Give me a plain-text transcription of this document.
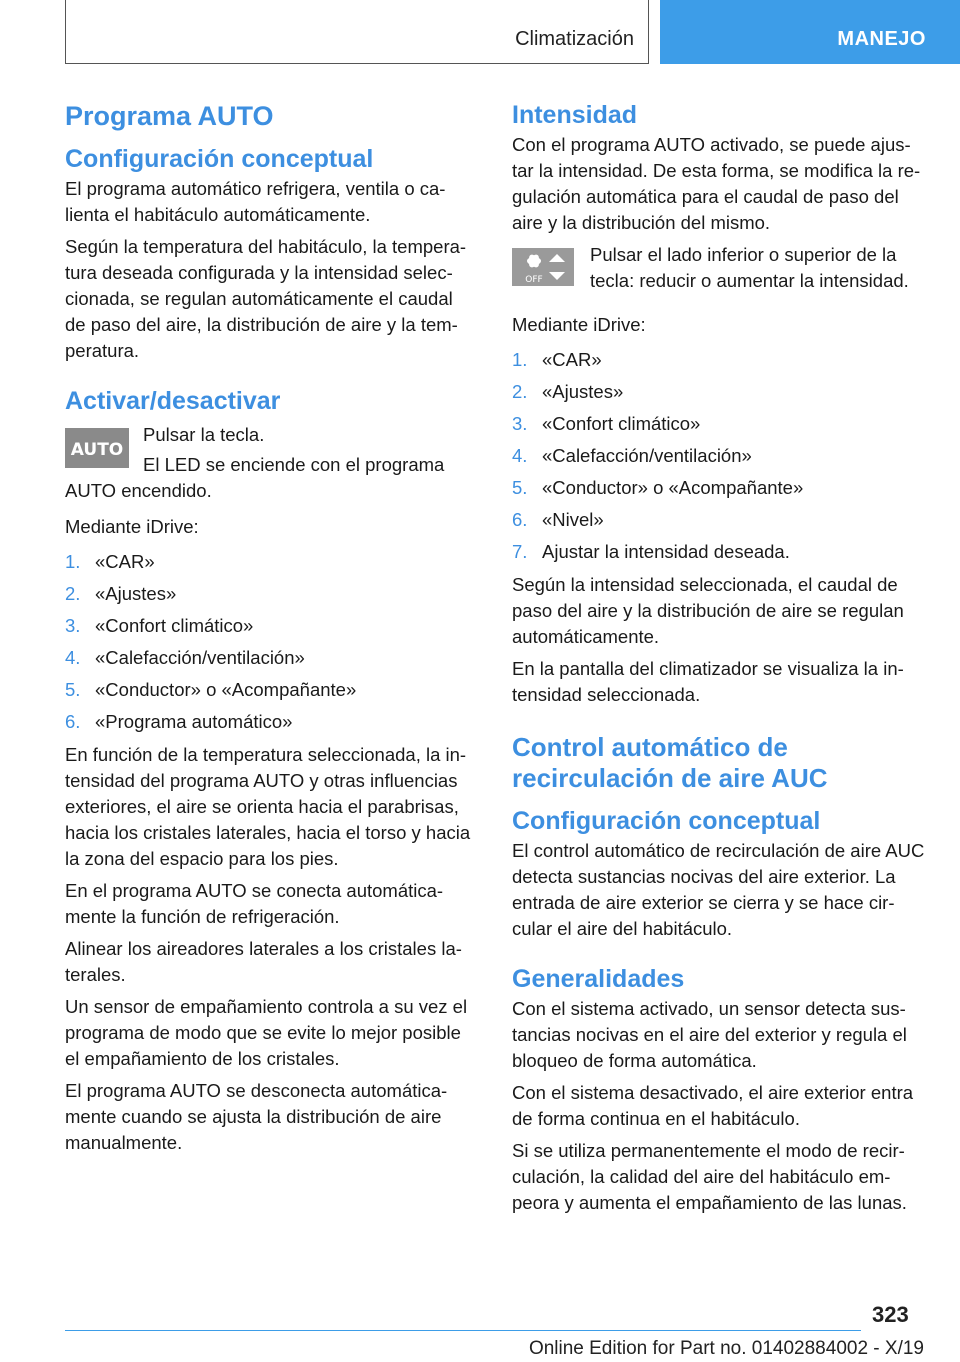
Climatización	MANEJO
Programa AUTO
Configuración conceptual

El programa automático refrigera, ventila o ca-lienta el habitáculo automáticamente.

Según la temperatura del habitáculo, la tempera-tura deseada configurada y la intensidad selec-cionada, se regulan automáticamente el caudal de paso del aire, la distribución de aire y la tem-peratura.

Activar/desactivar
AUTO

Pulsar la tecla.

El LED se enciende con el programa AUTO encendido.

Mediante iDrive:

1. «CAR»
2. «Ajustes»
3. «Confort climático»
4. «Calefacción/ventilación»
5. «Conductor» o «Acompañante»
6. «Programa automático»

En función de la temperatura seleccionada, la in-tensidad del programa AUTO y otras influencias exteriores, el aire se orienta hacia el parabrisas, hacia los cristales laterales, hacia el torso y hacia la zona del espacio para los pies.

En el programa AUTO se conecta automática-mente la función de refrigeración.

Alinear los aireadores laterales a los cristales la-terales.

Un sensor de empañamiento controla a su vez el programa de modo que se evite lo mejor posible el empañamiento de los cristales.

El programa AUTO se desconecta automática-mente cuando se ajusta la distribución de aire manualmente.

Intensidad

Con el programa AUTO activado, se puede ajus-tar la intensidad. De esta forma, se modifica la re-gulación automática para el caudal de paso del aire y la distribución del mismo.

OFF

Pulsar el lado inferior o superior de la tecla: reducir o aumentar la intensidad.

Mediante iDrive:

1. «CAR»
2. «Ajustes»
3. «Confort climático»
4. «Calefacción/ventilación»
5. «Conductor» o «Acompañante»
6. «Nivel»
7. Ajustar la intensidad deseada.

Según la intensidad seleccionada, el caudal de paso del aire y la distribución de aire se regulan automáticamente.

En la pantalla del climatizador se visualiza la in-tensidad seleccionada.

Control automático de recirculación de aire AUC
Configuración conceptual

El control automático de recirculación de aire AUC detecta sustancias nocivas del aire exterior. La entrada de aire exterior se cierra y se hace cir-cular el aire del habitáculo.

Generalidades

Con el sistema activado, un sensor detecta sus-tancias nocivas en el aire del exterior y regula el bloqueo de forma automática.

Con el sistema desactivado, el aire exterior entra de forma continua en el habitáculo.

Si se utiliza permanentemente el modo de recir-culación, la calidad del aire del habitáculo em-peora y aumenta el empañamiento de las lunas.

323
Online Edition for Part no. 01402884002 - X/19
